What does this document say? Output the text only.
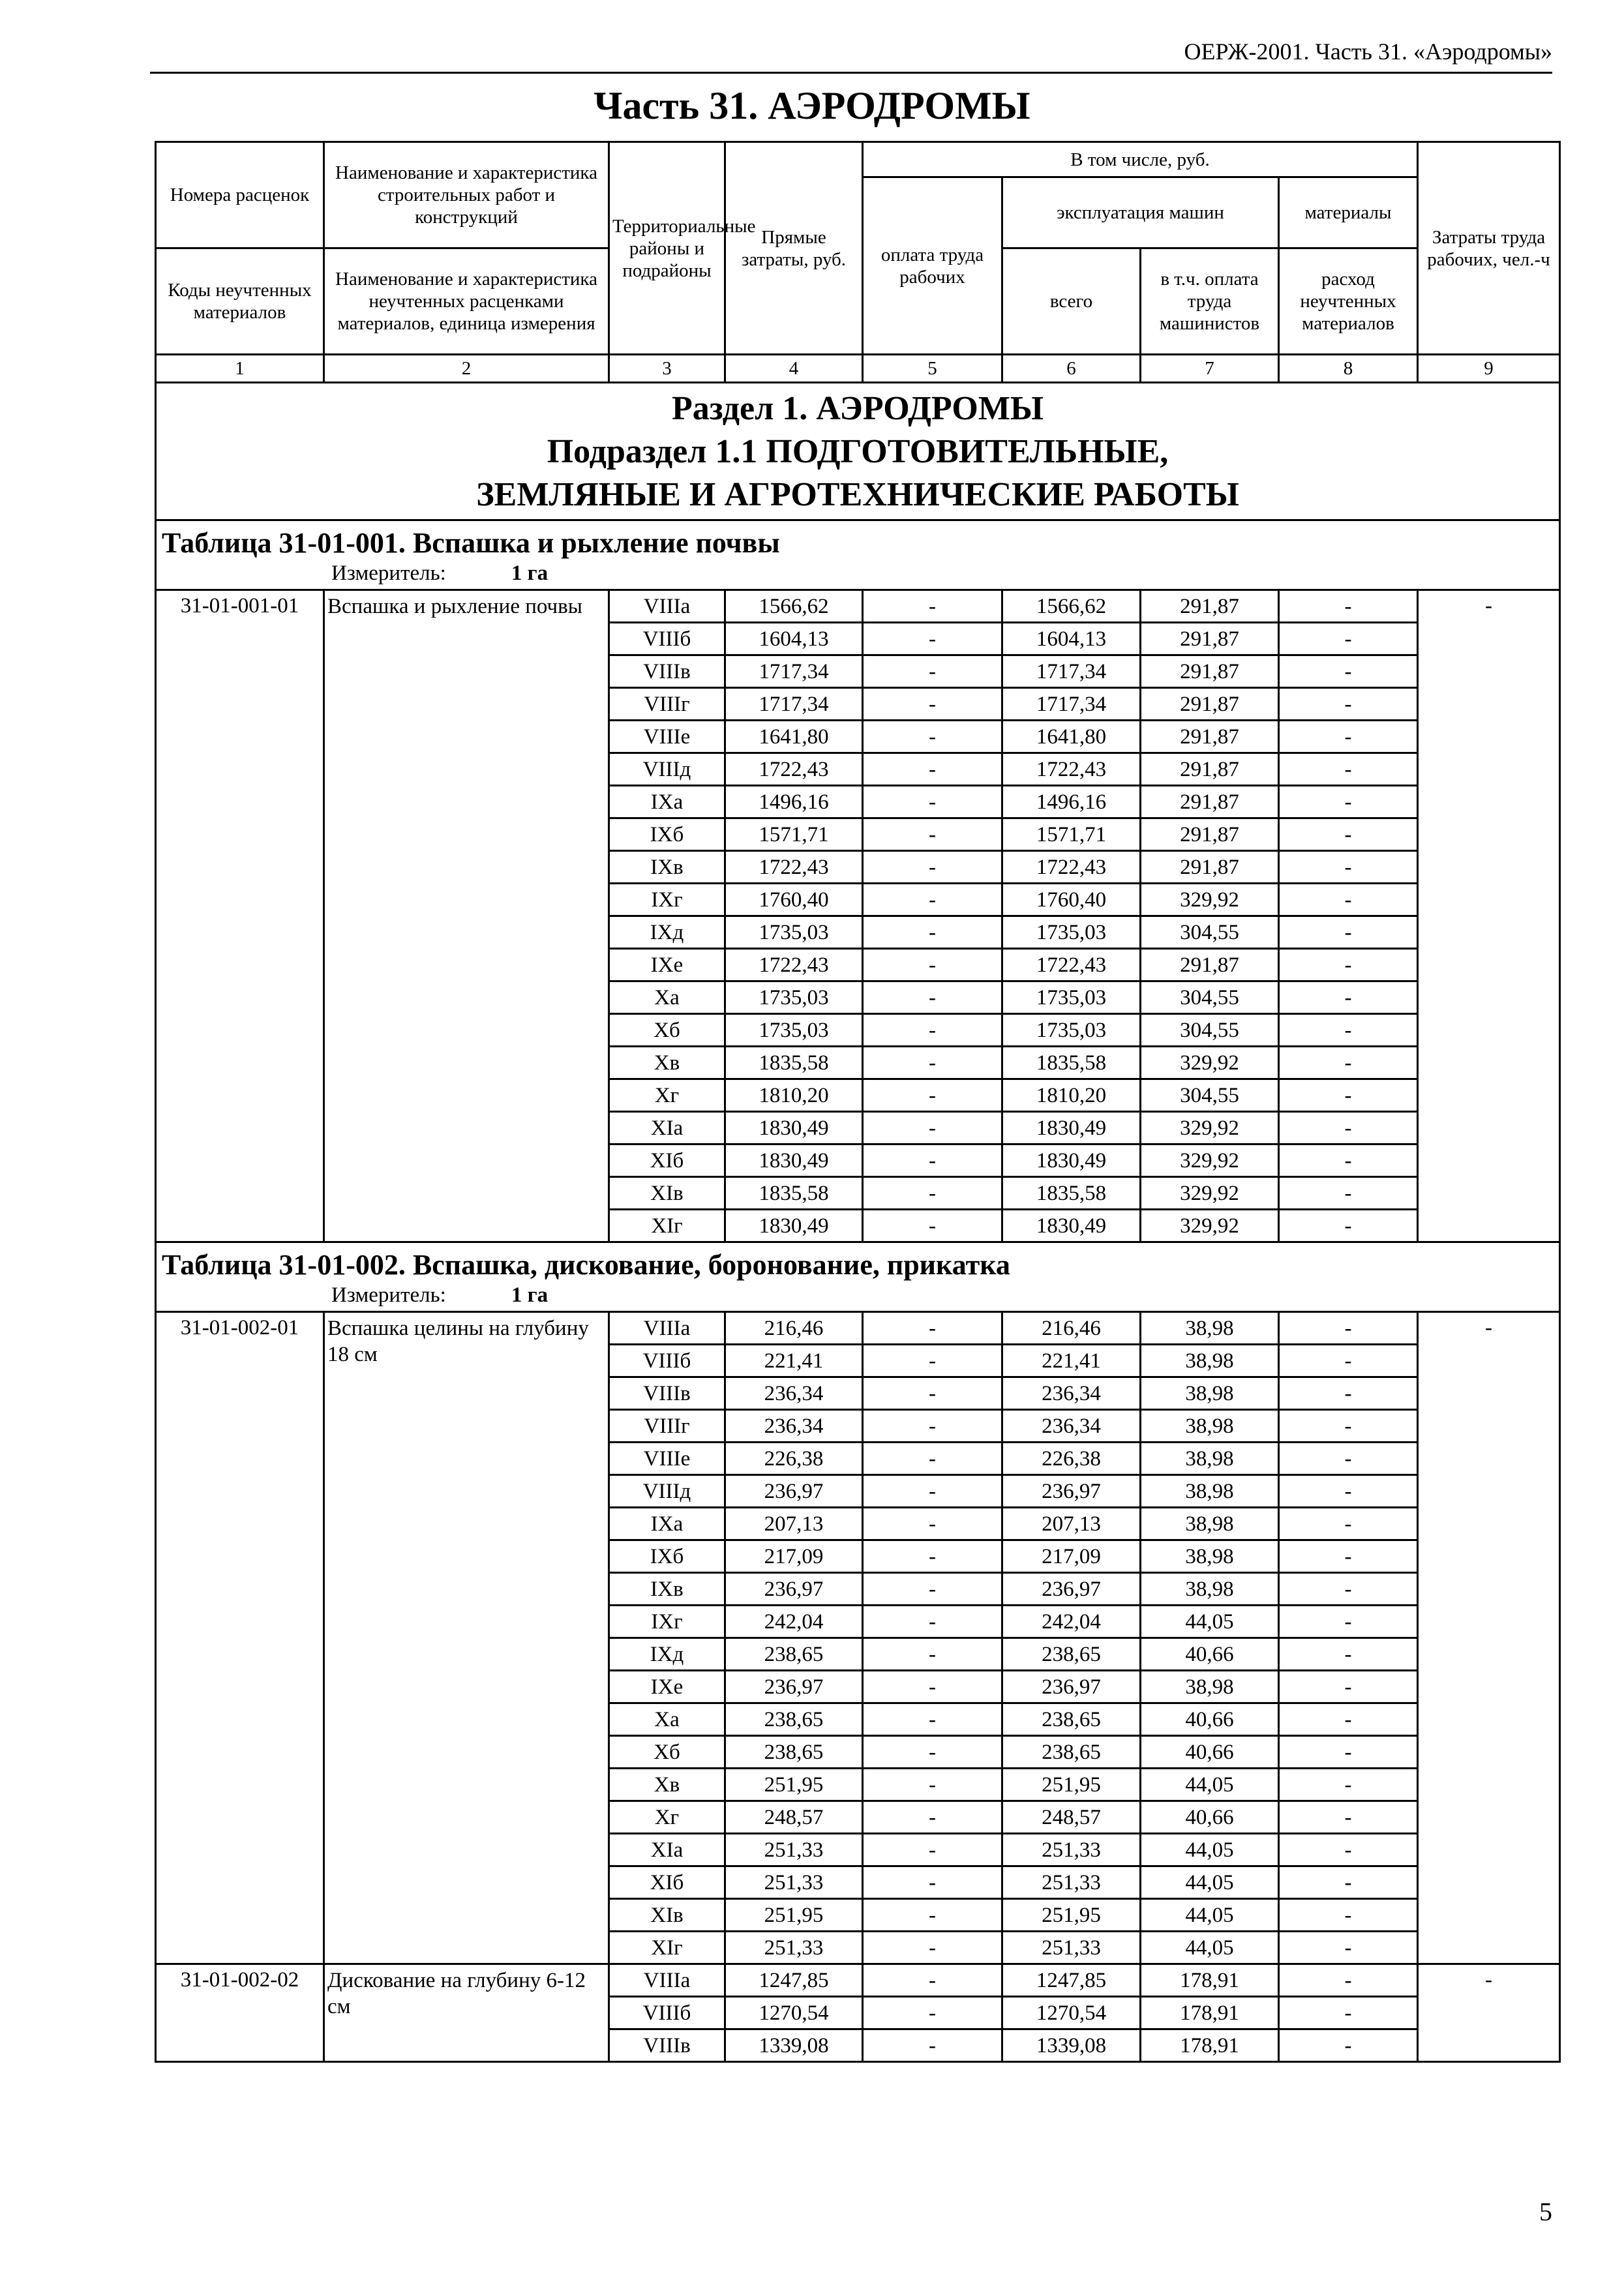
ОЕРЖ-2001. Часть 31. «Аэродромы»
Часть 31. АЭРОДРОМЫ
Номера расценок	Наименование и характеристика строительных работ и конструкций	Территориальные районы и подрайоны	Прямые затраты, руб.	В том числе, руб.				Затраты труда рабочих, чел.-ч
				оплата труда рабочих	эксплуатация машин		материалы	
Коды неучтенных материалов	Наименование и характеристика неучтенных расценками материалов, единица измерения				всего	в т.ч. оплата труда машинистов	расход неучтенных материалов	

1	2	3	4	5	6	7	8	9

Раздел 1. АЭРОДРОМЫ
Подраздел 1.1 ПОДГОТОВИТЕЛЬНЫЕ, ЗЕМЛЯНЫЕ И АГРОТЕХНИЧЕСКИЕ РАБОТЫ								

Таблица 31-01-001. Вспашка и рыхление почвы
Измеритель: 1 га								

31-01-001-01	Вспашка и рыхление почвы	VIIIа	1566,62	-	1566,62	291,87	-	-
		VIIIб	1604,13	-	1604,13	291,87	-	
		VIIIв	1717,34	-	1717,34	291,87	-	
		VIIIг	1717,34	-	1717,34	291,87	-	
		VIIIе	1641,80	-	1641,80	291,87	-	
		VIIIд	1722,43	-	1722,43	291,87	-	
		IXа	1496,16	-	1496,16	291,87	-	
		IXб	1571,71	-	1571,71	291,87	-	
		IXв	1722,43	-	1722,43	291,87	-	
		IXг	1760,40	-	1760,40	329,92	-	
		IXд	1735,03	-	1735,03	304,55	-	
		IXе	1722,43	-	1722,43	291,87	-	
		Xа	1735,03	-	1735,03	304,55	-	
		Xб	1735,03	-	1735,03	304,55	-	
		Xв	1835,58	-	1835,58	329,92	-	
		Xг	1810,20	-	1810,20	304,55	-	
		XIа	1830,49	-	1830,49	329,92	-	
		XIб	1830,49	-	1830,49	329,92	-	
		XIв	1835,58	-	1835,58	329,92	-	
		XIг	1830,49	-	1830,49	329,92	-	

Таблица 31-01-002. Вспашка, дискование, боронование, прикатка
Измеритель: 1 га								

31-01-002-01	Вспашка целины на глубину 18 см	VIIIа	216,46	-	216,46	38,98	-	-
		VIIIб	221,41	-	221,41	38,98	-	
		VIIIв	236,34	-	236,34	38,98	-	
		VIIIг	236,34	-	236,34	38,98	-	
		VIIIе	226,38	-	226,38	38,98	-	
		VIIIд	236,97	-	236,97	38,98	-	
		IXа	207,13	-	207,13	38,98	-	
		IXб	217,09	-	217,09	38,98	-	
		IXв	236,97	-	236,97	38,98	-	
		IXг	242,04	-	242,04	44,05	-	
		IXд	238,65	-	238,65	40,66	-	
		IXе	236,97	-	236,97	38,98	-	
		Xа	238,65	-	238,65	40,66	-	
		Xб	238,65	-	238,65	40,66	-	
		Xв	251,95	-	251,95	44,05	-	
		Xг	248,57	-	248,57	40,66	-	
		XIа	251,33	-	251,33	44,05	-	
		XIб	251,33	-	251,33	44,05	-	
		XIв	251,95	-	251,95	44,05	-	
		XIг	251,33	-	251,33	44,05	-	
31-01-002-02	Дискование на глубину 6-12 см	VIIIа	1247,85	-	1247,85	178,91	-	-
		VIIIб	1270,54	-	1270,54	178,91	-	
		VIIIв	1339,08	-	1339,08	178,91	-	
5
